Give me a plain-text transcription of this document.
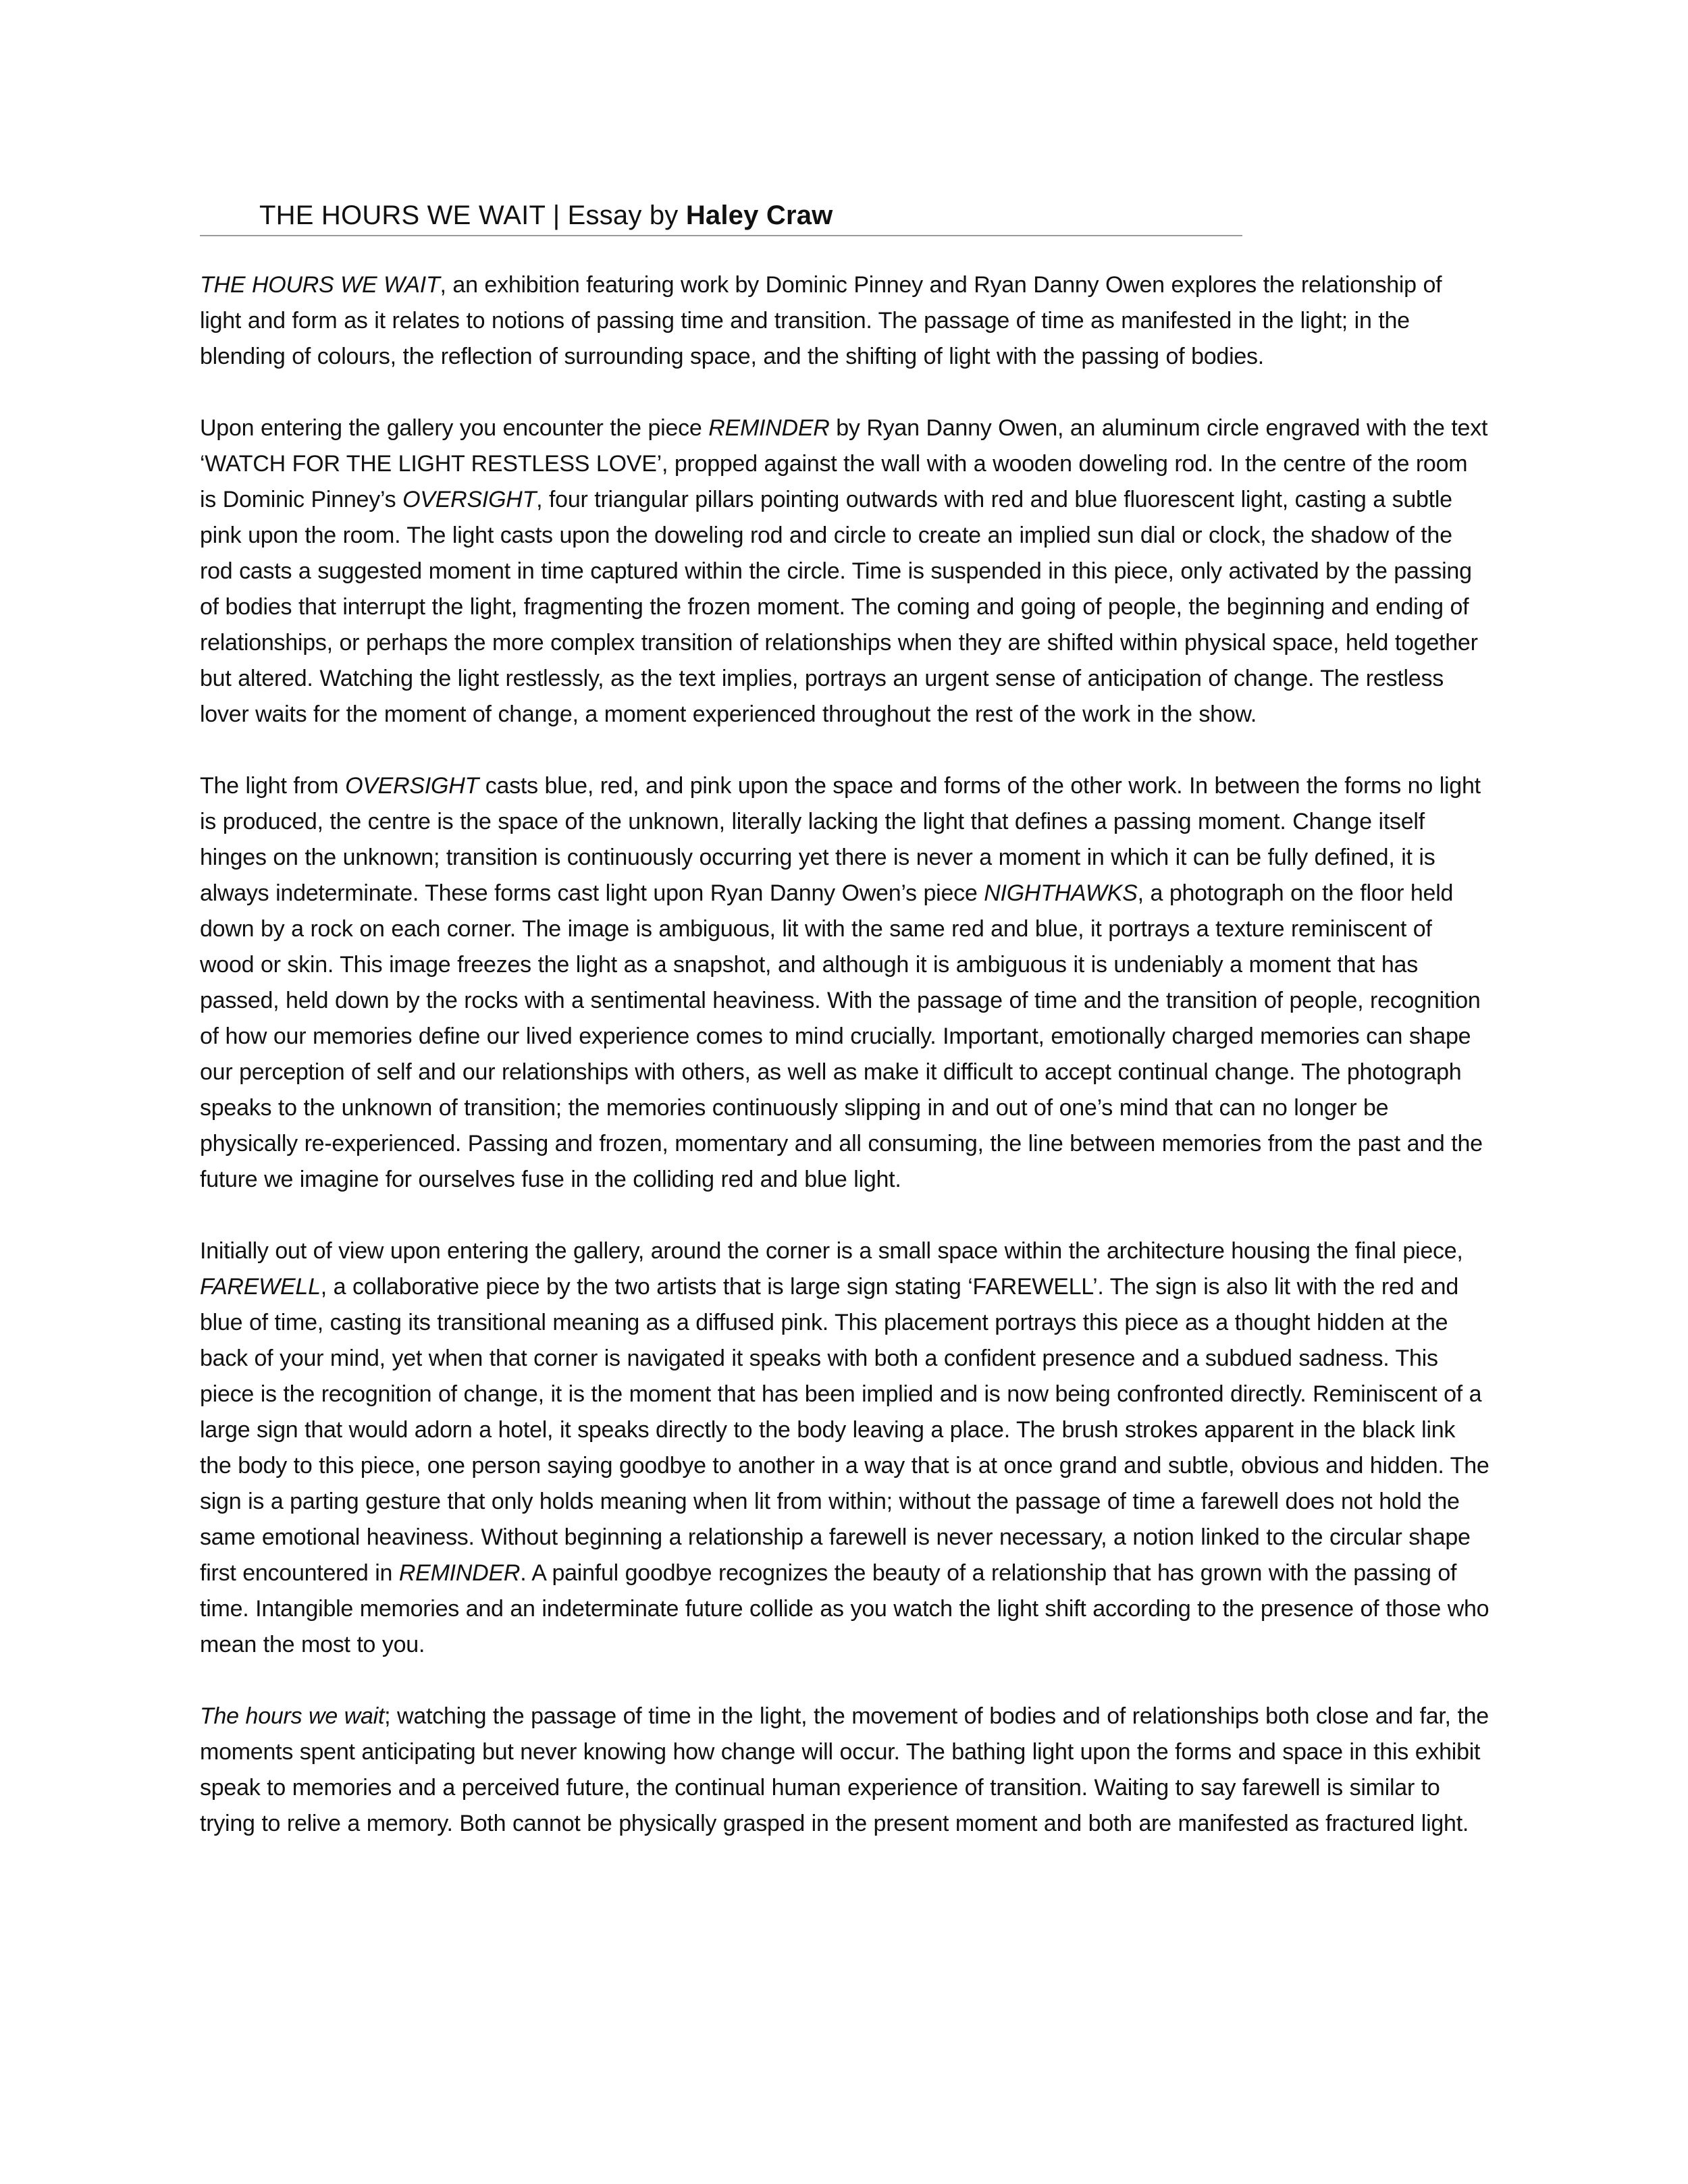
THE HOURS WE WAIT | Essay by Haley Craw

THE HOURS WE WAIT, an exhibition featuring work by Dominic Pinney and Ryan Danny Owen explores the relationship of light and form as it relates to notions of passing time and transition. The passage of time as manifested in the light; in the blending of colours, the reflection of surrounding space, and the shifting of light with the passing of bodies.

Upon entering the gallery you encounter the piece REMINDER by Ryan Danny Owen, an aluminum circle engraved with the text ‘WATCH FOR THE LIGHT RESTLESS LOVE’, propped against the wall with a wooden doweling rod. In the centre of the room is Dominic Pinney’s OVERSIGHT, four triangular pillars pointing outwards with red and blue fluorescent light, casting a subtle pink upon the room. The light casts upon the doweling rod and circle to create an implied sun dial or clock, the shadow of the rod casts a suggested moment in time captured within the circle. Time is suspended in this piece, only activated by the passing of bodies that interrupt the light, fragmenting the frozen moment. The coming and going of people, the beginning and ending of relationships, or perhaps the more complex transition of relationships when they are shifted within physical space, held together but altered. Watching the light restlessly, as the text implies, portrays an urgent sense of anticipation of change. The restless lover waits for the moment of change, a moment experienced throughout the rest of the work in the show.

The light from OVERSIGHT casts blue, red, and pink upon the space and forms of the other work. In between the forms no light is produced, the centre is the space of the unknown, literally lacking the light that defines a passing moment. Change itself hinges on the unknown; transition is continuously occurring yet there is never a moment in which it can be fully defined, it is always indeterminate. These forms cast light upon Ryan Danny Owen’s piece NIGHTHAWKS, a photograph on the floor held down by a rock on each corner. The image is ambiguous, lit with the same red and blue, it portrays a texture reminiscent of wood or skin. This image freezes the light as a snapshot, and although it is ambiguous it is undeniably a moment that has passed, held down by the rocks with a sentimental heaviness. With the passage of time and the transition of people, recognition of how our memories define our lived experience comes to mind crucially. Important, emotionally charged memories can shape our perception of self and our relationships with others, as well as make it difficult to accept continual change. The photograph speaks to the unknown of transition; the memories continuously slipping in and out of one’s mind that can no longer be physically re-experienced. Passing and frozen, momentary and all consuming, the line between memories from the past and the future we imagine for ourselves fuse in the colliding red and blue light.

Initially out of view upon entering the gallery, around the corner is a small space within the architecture housing the final piece, FAREWELL, a collaborative piece by the two artists that is large sign stating ‘FAREWELL’. The sign is also lit with the red and blue of time, casting its transitional meaning as a diffused pink. This placement portrays this piece as a thought hidden at the back of your mind, yet when that corner is navigated it speaks with both a confident presence and a subdued sadness. This piece is the recognition of change, it is the moment that has been implied and is now being confronted directly. Reminiscent of a large sign that would adorn a hotel, it speaks directly to the body leaving a place. The brush strokes apparent in the black link the body to this piece, one person saying goodbye to another in a way that is at once grand and subtle, obvious and hidden. The sign is a parting gesture that only holds meaning when lit from within; without the passage of time a farewell does not hold the same emotional heaviness. Without beginning a relationship a farewell is never necessary, a notion linked to the circular shape first encountered in REMINDER. A painful goodbye recognizes the beauty of a relationship that has grown with the passing of time. Intangible memories and an indeterminate future collide as you watch the light shift according to the presence of those who mean the most to you.

The hours we wait; watching the passage of time in the light, the movement of bodies and of relationships both close and far, the moments spent anticipating but never knowing how change will occur. The bathing light upon the forms and space in this exhibit speak to memories and a perceived future, the continual human experience of transition. Waiting to say farewell is similar to trying to relive a memory. Both cannot be physically grasped in the present moment and both are manifested as fractured light.
